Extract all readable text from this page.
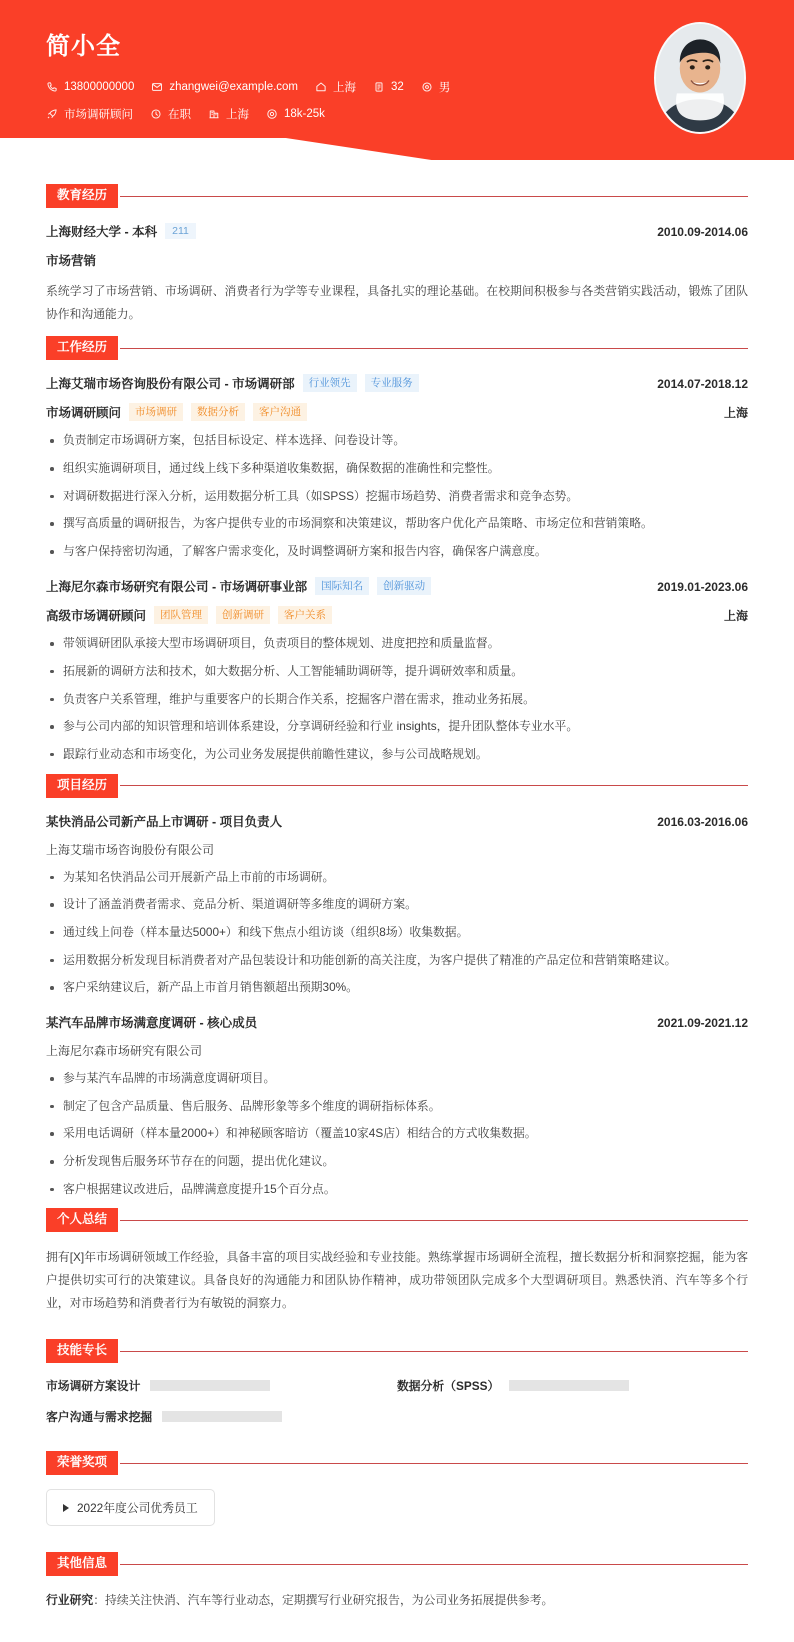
简小全
13800000000	zhangwei@example.com	上海	32	男
市场调研顾问	在职	上海	18k-25k
教育经历
上海财经大学 - 本科	211	2010.09-2014.06
市场营销
系统学习了市场营销、市场调研、消费者行为学等专业课程，具备扎实的理论基础。在校期间积极参与各类营销实践活动，锻炼了团队协作和沟通能力。
工作经历
上海艾瑞市场咨询股份有限公司 - 市场调研部	行业领先	专业服务	2014.07-2018.12
市场调研顾问	市场调研	数据分析	客户沟通	上海
负责制定市场调研方案，包括目标设定、样本选择、问卷设计等。
组织实施调研项目，通过线上线下多种渠道收集数据，确保数据的准确性和完整性。
对调研数据进行深入分析，运用数据分析工具（如SPSS）挖掘市场趋势、消费者需求和竞争态势。
撰写高质量的调研报告，为客户提供专业的市场洞察和决策建议，帮助客户优化产品策略、市场定位和营销策略。
与客户保持密切沟通，了解客户需求变化，及时调整调研方案和报告内容，确保客户满意度。
上海尼尔森市场研究有限公司 - 市场调研事业部	国际知名	创新驱动	2019.01-2023.06
高级市场调研顾问	团队管理	创新调研	客户关系	上海
带领调研团队承接大型市场调研项目，负责项目的整体规划、进度把控和质量监督。
拓展新的调研方法和技术，如大数据分析、人工智能辅助调研等，提升调研效率和质量。
负责客户关系管理，维护与重要客户的长期合作关系，挖掘客户潜在需求，推动业务拓展。
参与公司内部的知识管理和培训体系建设，分享调研经验和行业 insights，提升团队整体专业水平。
跟踪行业动态和市场变化，为公司业务发展提供前瞻性建议，参与公司战略规划。
项目经历
某快消品公司新产品上市调研 - 项目负责人	2016.03-2016.06
上海艾瑞市场咨询股份有限公司
为某知名快消品公司开展新产品上市前的市场调研。
设计了涵盖消费者需求、竞品分析、渠道调研等多维度的调研方案。
通过线上问卷（样本量达5000+）和线下焦点小组访谈（组织8场）收集数据。
运用数据分析发现目标消费者对产品包装设计和功能创新的高关注度，为客户提供了精准的产品定位和营销策略建议。
客户采纳建议后，新产品上市首月销售额超出预期30%。
某汽车品牌市场满意度调研 - 核心成员	2021.09-2021.12
上海尼尔森市场研究有限公司
参与某汽车品牌的市场满意度调研项目。
制定了包含产品质量、售后服务、品牌形象等多个维度的调研指标体系。
采用电话调研（样本量2000+）和神秘顾客暗访（覆盖10家4S店）相结合的方式收集数据。
分析发现售后服务环节存在的问题，提出优化建议。
客户根据建议改进后，品牌满意度提升15个百分点。
个人总结
拥有[X]年市场调研领域工作经验，具备丰富的项目实战经验和专业技能。熟练掌握市场调研全流程，擅长数据分析和洞察挖掘，能为客户提供切实可行的决策建议。具备良好的沟通能力和团队协作精神，成功带领团队完成多个大型调研项目。熟悉快消、汽车等多个行业，对市场趋势和消费者行为有敏锐的洞察力。
技能专长
市场调研方案设计	数据分析（SPSS）
客户沟通与需求挖掘
荣誉奖项
2022年度公司优秀员工
其他信息
行业研究：持续关注快消、汽车等行业动态，定期撰写行业研究报告，为公司业务拓展提供参考。
